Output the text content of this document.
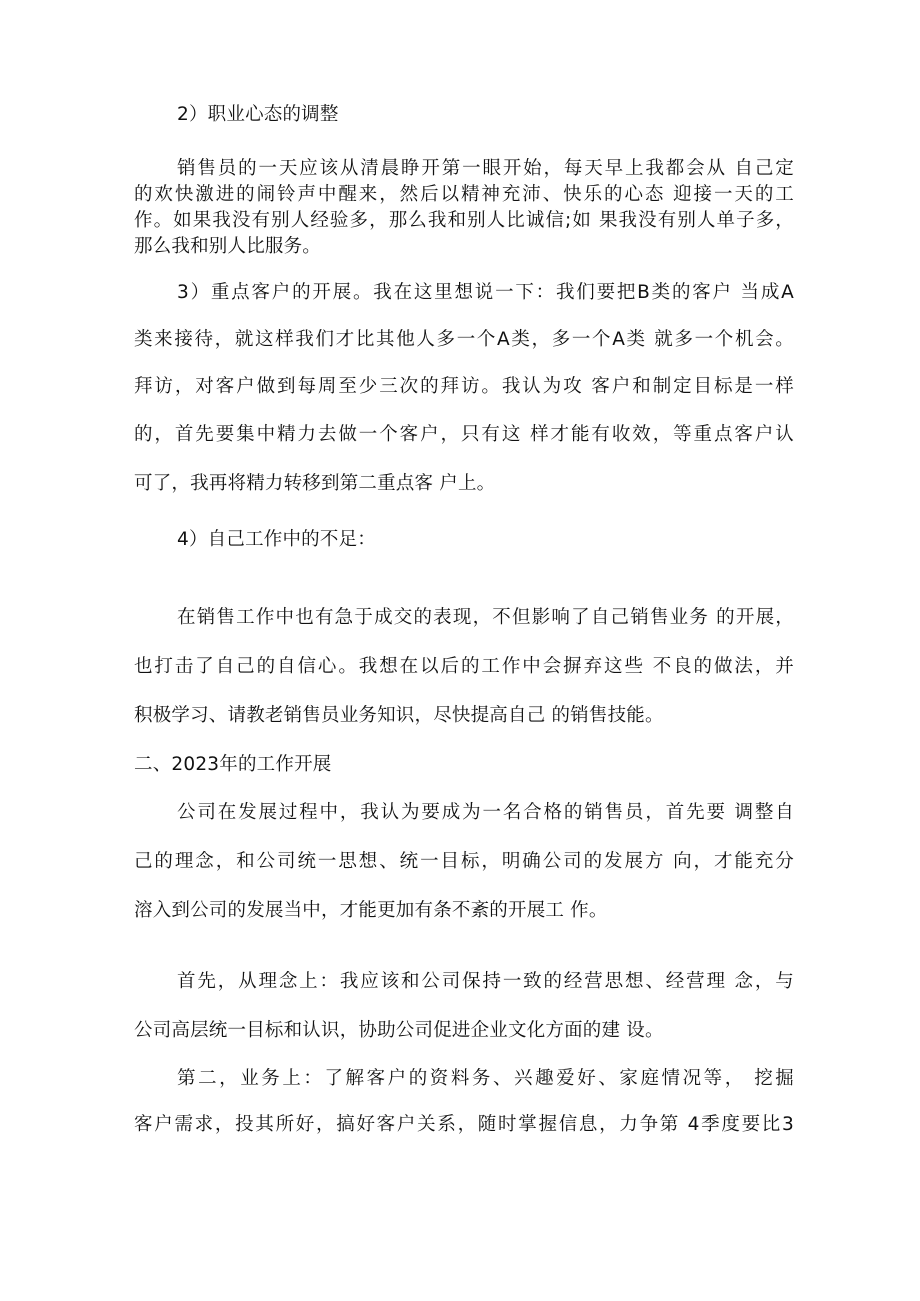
2）职业心态的调整
销售员的一天应该从清晨睁开第一眼开始，每天早上我都会从 自己定
的欢快激进的闹铃声中醒来，然后以精神充沛、快乐的心态 迎接一天的工
作。如果我没有别人经验多，那么我和别人比诚信;如 果我没有别人单子多，
那么我和别人比服务。
3）重点客户的开展。我在这里想说一下：我们要把B类的客户 当成A
类来接待，就这样我们才比其他人多一个A类，多一个A类 就多一个机会。
拜访，对客户做到每周至少三次的拜访。我认为攻 客户和制定目标是一样
的，首先要集中精力去做一个客户，只有这 样才能有收效，等重点客户认
可了，我再将精力转移到第二重点客 户上。
4）自己工作中的不足：
在销售工作中也有急于成交的表现，不但影响了自己销售业务 的开展，
也打击了自己的自信心。我想在以后的工作中会摒弃这些 不良的做法，并
积极学习、请教老销售员业务知识，尽快提高自己 的销售技能。
二、2023年的工作开展
公司在发展过程中，我认为要成为一名合格的销售员，首先要 调整自
己的理念，和公司统一思想、统一目标，明确公司的发展方 向，才能充分
溶入到公司的发展当中，才能更加有条不紊的开展工 作。
首先，从理念上：我应该和公司保持一致的经营思想、经营理 念，与
公司高层统一目标和认识，协助公司促进企业文化方面的建 设。
第二，业务上：了解客户的资料务、兴趣爱好、家庭情况等， 挖掘
客户需求，投其所好，搞好客户关系，随时掌握信息，力争第 4季度要比3
